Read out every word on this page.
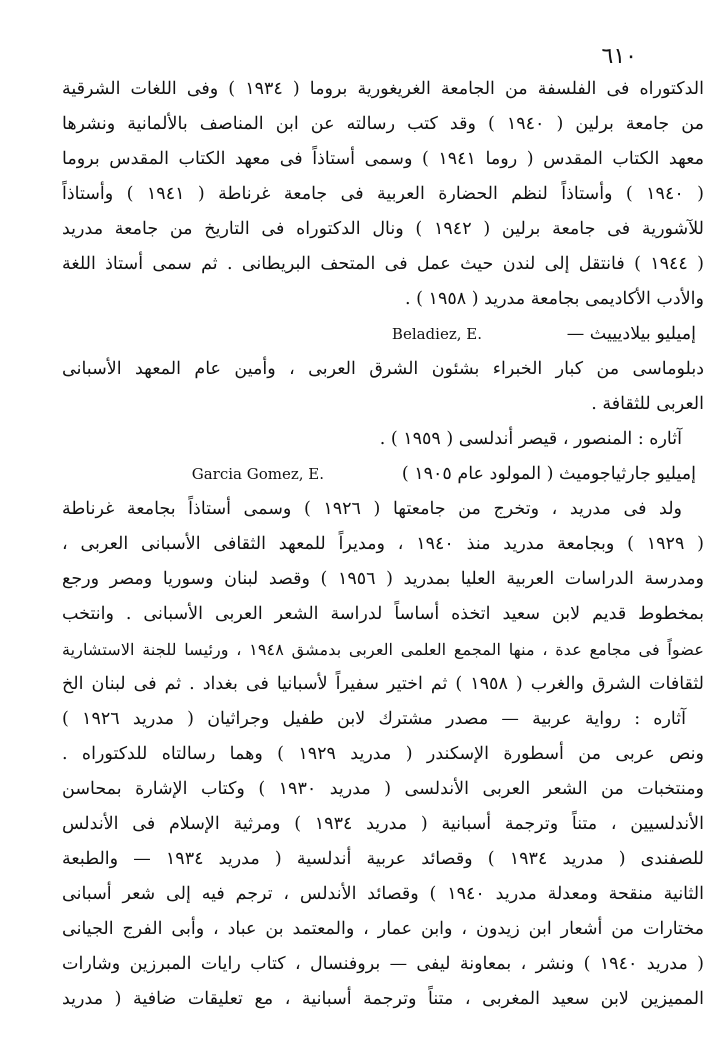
٦١٠
الدكتوراه فى الفلسفة من الجامعة الغريغورية بروما ( ١٩٣٤ ) وفى اللغات الشرقية
من جامعة برلين ( ١٩٤٠ ) وقد كتب رسالته عن ابن المناصف بالألمانية ونشرها
معهد الكتاب المقدس ( روما ١٩٤١ ) وسمى أستاذاً فى معهد الكتاب المقدس بروما
( ١٩٤٠ ) وأستاذاً لنظم الحضارة العربية فى جامعة غرناطة ( ١٩٤١ ) وأستاذاً
للآشورية فى جامعة برلين ( ١٩٤٢ ) ونال الدكتوراه فى التاريخ من جامعة مدريد
( ١٩٤٤ ) فانتقل إلى لندن حيث عمل فى المتحف البريطانى . ثم سمى أستاذ اللغة
والأدب الأكاديمى بجامعة مدريد ( ١٩٥٨ ) .
إميليو بيلاديييث —
Beladiez, E.
دبلوماسى من كبار الخبراء بشئون الشرق العربى ، وأمين عام المعهد الأسبانى
العربى للثقافة .
آثاره : المنصور ، قيصر أندلسى ( ١٩٥٩ ) .
إميليو جارثياجوميث ( المولود عام ١٩٠٥ )
Garcia Gomez, E.
ولد فى مدريد ، وتخرج من جامعتها ( ١٩٢٦ ) وسمى أستاذاً بجامعة غرناطة
( ١٩٢٩ ) وبجامعة مدريد منذ ١٩٤٠ ، ومديراً للمعهد الثقافى الأسبانى العربى ،
ومدرسة الدراسات العربية العليا بمدريد ( ١٩٥٦ ) وقصد لبنان وسوريا ومصر ورجع
بمخطوط قديم لابن سعيد اتخذه أساساً لدراسة الشعر العربى الأسبانى . وانتخب
عضواً فى مجامع عدة ، منها المجمع العلمى العربى بدمشق ١٩٤٨ ، ورئيسا للجنة الاستشارية
لثقافات الشرق والغرب ( ١٩٥٨ ) ثم اختير سفيراً لأسبانيا فى بغداد . ثم فى لبنان الخ
آثاره : رواية عربية — مصدر مشترك لابن طفيل وجراثيان ( مدريد ١٩٢٦ )
ونص عربى من أسطورة الإسكندر ( مدريد ١٩٢٩ ) وهما رسالتاه للدكتوراه .
ومنتخبات من الشعر العربى الأندلسى ( مدريد ١٩٣٠ ) وكتاب الإشارة بمحاسن
الأندلسيين ، متناً وترجمة أسبانية ( مدريد ١٩٣٤ ) ومرثية الإسلام فى الأندلس
للصفندى ( مدريد ١٩٣٤ ) وقصائد عربية أندلسية ( مدريد ١٩٣٤ — والطبعة
الثانية منقحة ومعدلة مدريد ١٩٤٠ ) وقصائد الأندلس ، ترجم فيه إلى شعر أسبانى
مختارات من أشعار ابن زيدون ، وابن عمار ، والمعتمد بن عباد ، وأبى الفرج الجيانى
( مدريد ١٩٤٠ ) ونشر ، بمعاونة ليفى — بروفنسال ، كتاب رايات المبرزين وشارات
المميزين لابن سعيد المغربى ، متناً وترجمة أسبانية ، مع تعليقات ضافية ( مدريد
